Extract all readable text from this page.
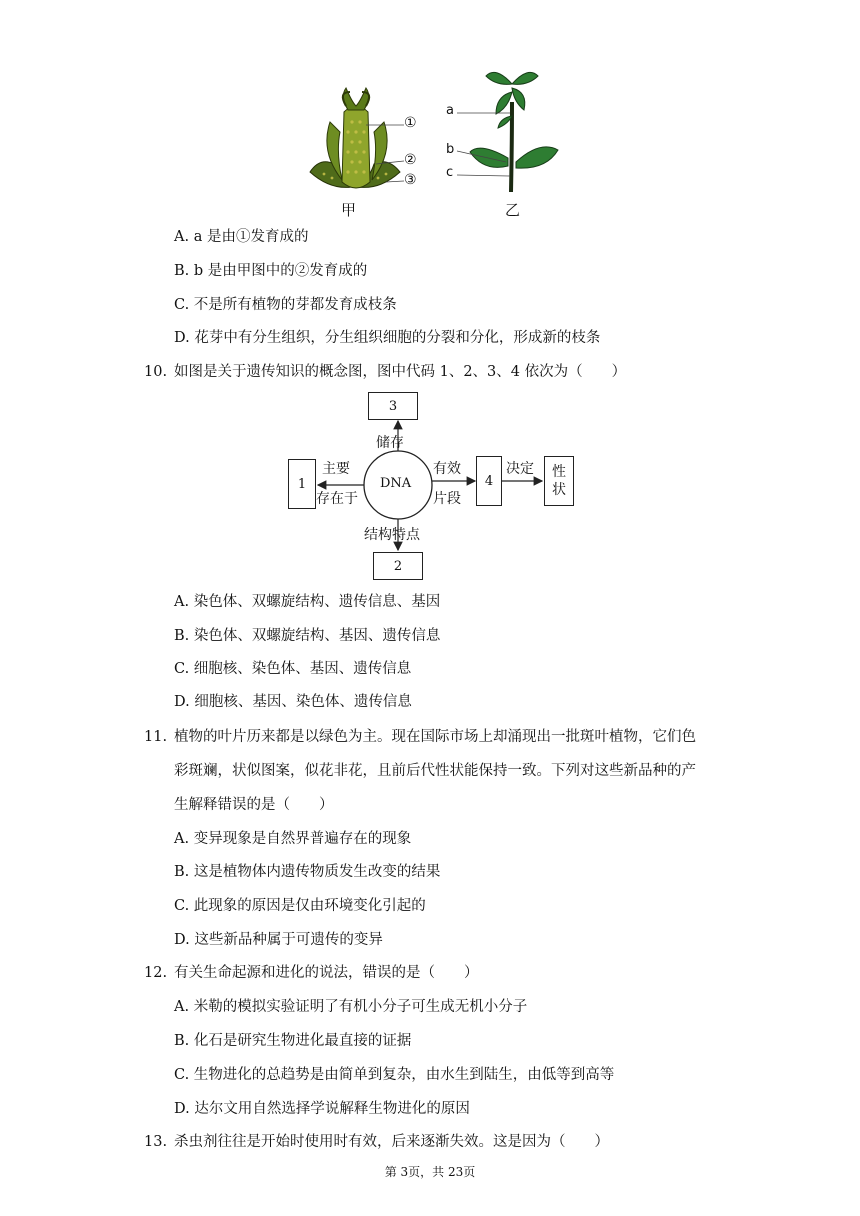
①
②
③
a
b
c
甲	乙
A. a 是由①发育成的
B. b 是由甲图中的②发育成的
C. 不是所有植物的芽都发育成枝条
D. 花芽中有分生组织，分生组织细胞的分裂和分化，形成新的枝条
10. 如图是关于遗传知识的概念图，图中代码 1、2、3、4 依次为（　　）
3
1	4
性
状
2
DNA
储存
主要
存在于
有效
片段
决定
结构特点
A. 染色体、双螺旋结构、遗传信息、基因
B. 染色体、双螺旋结构、基因、遗传信息
C. 细胞核、染色体、基因、遗传信息
D. 细胞核、基因、染色体、遗传信息
11. 植物的叶片历来都是以绿色为主。现在国际市场上却涌现出一批斑叶植物，它们色
彩斑斓，状似图案，似花非花，且前后代性状能保持一致。下列对这些新品种的产
生解释错误的是（　　）
A. 变异现象是自然界普遍存在的现象
B. 这是植物体内遗传物质发生改变的结果
C. 此现象的原因是仅由环境变化引起的
D. 这些新品种属于可遗传的变异
12. 有关生命起源和进化的说法，错误的是（　　）
A. 米勒的模拟实验证明了有机小分子可生成无机小分子
B. 化石是研究生物进化最直接的证据
C. 生物进化的总趋势是由简单到复杂，由水生到陆生，由低等到高等
D. 达尔文用自然选择学说解释生物进化的原因
13. 杀虫剂往往是开始时使用时有效，后来逐渐失效。这是因为（　　）
第 3页，共 23页
